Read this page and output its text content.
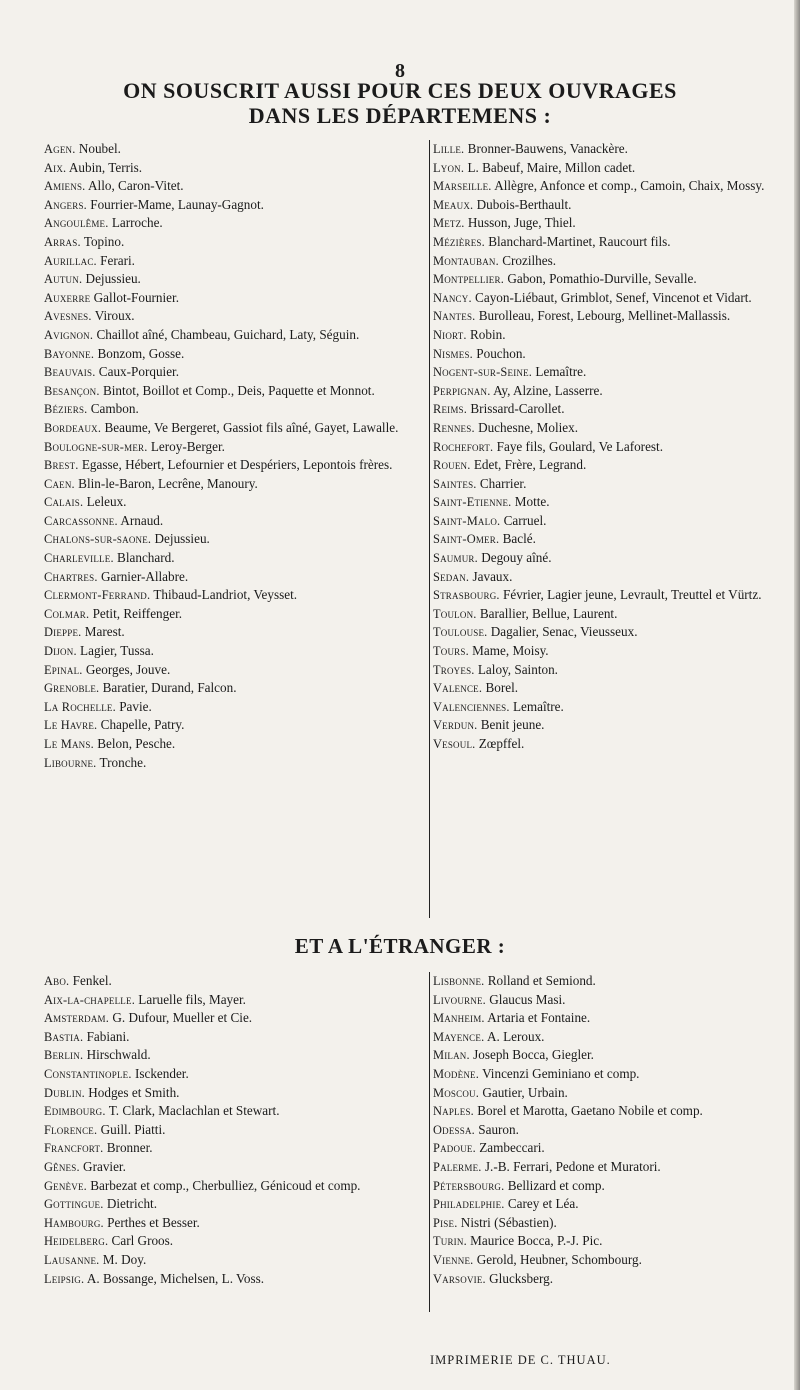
8
ON SOUSCRIT AUSSI POUR CES DEUX OUVRAGES
DANS LES DÉPARTEMENS :
Agen. Noubel.
Aix. Aubin, Terris.
Amiens. Allo, Caron-Vitet.
Angers. Fourrier-Mame, Launay-Gagnot.
Angoulême. Larroche.
Arras. Topino.
Aurillac. Ferari.
Autun. Dejussieu.
Auxerre Gallot-Fournier.
Avesnes. Viroux.
Avignon. Chaillot aîné, Chambeau, Guichard, Laty, Séguin.
Bayonne. Bonzom, Gosse.
Beauvais. Caux-Porquier.
Besançon. Bintot, Boillot et Comp., Deis, Paquette et Monnot.
Béziers. Cambon.
Bordeaux. Beaume, Ve Bergeret, Gassiot fils aîné, Gayet, Lawalle.
Boulogne-sur-mer. Leroy-Berger.
Brest. Egasse, Hébert, Lefournier et Despériers, Lepontois frères.
Caen. Blin-le-Baron, Lecrêne, Manoury.
Calais. Leleux.
Carcassonne. Arnaud.
Chalons-sur-saone. Dejussieu.
Charleville. Blanchard.
Chartres. Garnier-Allabre.
Clermont-Ferrand. Thibaud-Landriot, Veysset.
Colmar. Petit, Reiffenger.
Dieppe. Marest.
Dijon. Lagier, Tussa.
Epinal. Georges, Jouve.
Grenoble. Baratier, Durand, Falcon.
La Rochelle. Pavie.
Le Havre. Chapelle, Patry.
Le Mans. Belon, Pesche.
Libourne. Tronche.
Lille. Bronner-Bauwens, Vanackère.
Lyon. L. Babeuf, Maire, Millon cadet.
Marseille. Allègre, Anfonce et comp., Camoin, Chaix, Mossy.
Meaux. Dubois-Berthault.
Metz. Husson, Juge, Thiel.
Mézières. Blanchard-Martinet, Raucourt fils.
Montauban. Crozilhes.
Montpellier. Gabon, Pomathio-Durville, Sevalle.
Nancy. Cayon-Liébaut, Grimblot, Senef, Vincenot et Vidart.
Nantes. Burolleau, Forest, Lebourg, Mellinet-Mallassis.
Niort. Robin.
Nismes. Pouchon.
Nogent-sur-Seine. Lemaître.
Perpignan. Ay, Alzine, Lasserre.
Reims. Brissard-Carollet.
Rennes. Duchesne, Moliex.
Rochefort. Faye fils, Goulard, Ve Laforest.
Rouen. Edet, Frère, Legrand.
Saintes. Charrier.
Saint-Etienne. Motte.
Saint-Malo. Carruel.
Saint-Omer. Baclé.
Saumur. Degouy aîné.
Sedan. Javaux.
Strasbourg. Février, Lagier jeune, Levrault, Treuttel et Vürtz.
Toulon. Barallier, Bellue, Laurent.
Toulouse. Dagalier, Senac, Vieusseux.
Tours. Mame, Moisy.
Troyes. Laloy, Sainton.
Valence. Borel.
Valenciennes. Lemaître.
Verdun. Benit jeune.
Vesoul. Zœpffel.
ET A L'ÉTRANGER :
Abo. Fenkel.
Aix-la-chapelle. Laruelle fils, Mayer.
Amsterdam. G. Dufour, Mueller et Cie.
Bastia. Fabiani.
Berlin. Hirschwald.
Constantinople. Isckender.
Dublin. Hodges et Smith.
Edimbourg. T. Clark, Maclachlan et Stewart.
Florence. Guill. Piatti.
Francfort. Bronner.
Gênes. Gravier.
Genève. Barbezat et comp., Cherbulliez, Génicoud et comp.
Gottingue. Dietricht.
Hambourg. Perthes et Besser.
Heidelberg. Carl Groos.
Lausanne. M. Doy.
Leipsig. A. Bossange, Michelsen, L. Voss.
Lisbonne. Rolland et Semiond.
Livourne. Glaucus Masi.
Manheim. Artaria et Fontaine.
Mayence. A. Leroux.
Milan. Joseph Bocca, Giegler.
Modène. Vincenzi Geminiano et comp.
Moscou. Gautier, Urbain.
Naples. Borel et Marotta, Gaetano Nobile et comp.
Odessa. Sauron.
Padoue. Zambeccari.
Palerme. J.-B. Ferrari, Pedone et Muratori.
Pétersbourg. Bellizard et comp.
Philadelphie. Carey et Léa.
Pise. Nistri (Sébastien).
Turin. Maurice Bocca, P.-J. Pic.
Vienne. Gerold, Heubner, Schombourg.
Varsovie. Glucksberg.
IMPRIMERIE DE C. THUAU.
